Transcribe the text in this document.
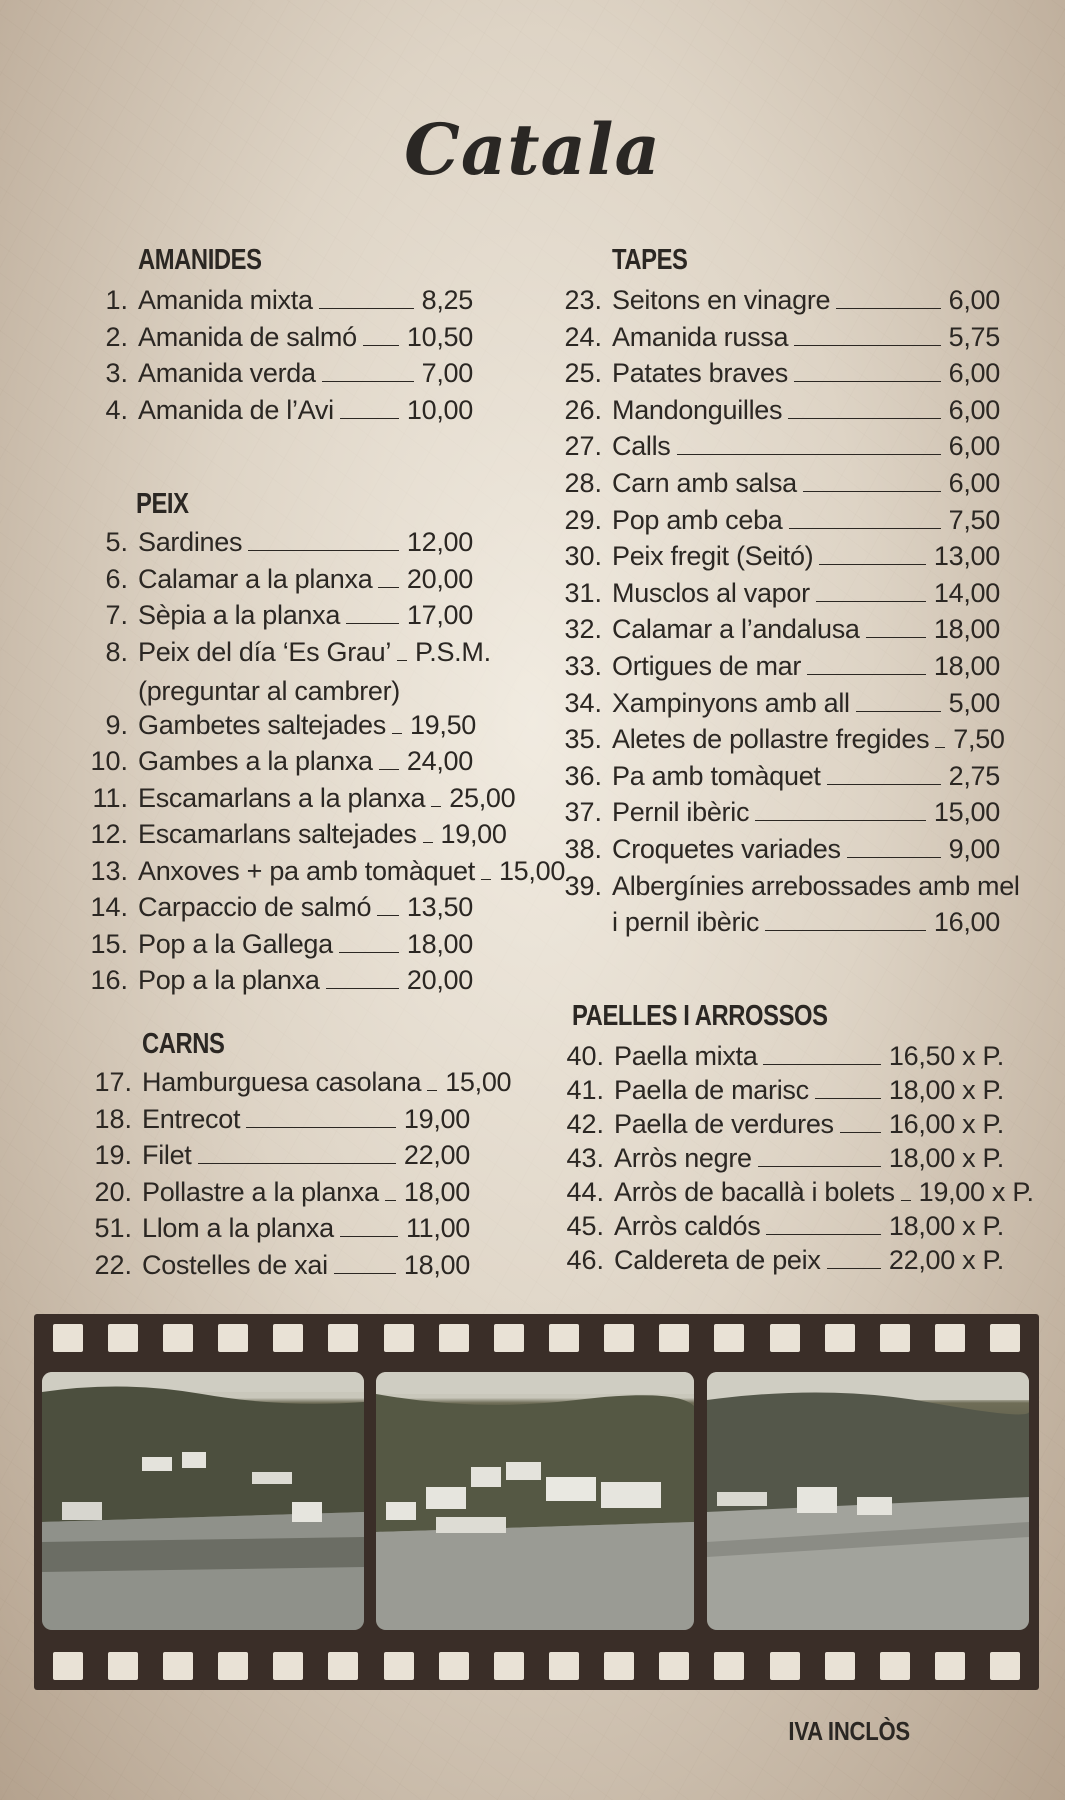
Catala
AMANIDES
1. Amanida mixta	8,25
2. Amanida de salmó 10,50
3. Amanida verda	7,00
4. Amanida de l’Avi	10,00
PEIX
5. Sardines	12,00
6. Calamar a la planxa 20,00
7. Sèpia a la planxa 17,00
8. Peix del día ‘Es Grau’ P.S.M.
9. Gambetes saltejades 19,50
10. Gambes a la planxa 24,00
11. Escamarlans a la planxa 25,00
12. Escamarlans saltejades 19,00
13. Anxoves + pa amb tomàquet 15,00
14. Carpaccio de salmó 13,50
15. Pop a la Gallega	18,00
16. Pop a la planxa	20,00
(preguntar al cambrer)
CARNS
17. Hamburguesa casolana 15,00
18. Entrecot	19,00
19. Filet	22,00
20. Pollastre a la planxa 18,00
51. Llom a la planxa	11,00
22. Costelles de xai	18,00
TAPES
23. Seitons en vinagre	6,00
24. Amanida russa	5,75
25. Patates braves	6,00
26. Mandonguilles	6,00
27. Calls	6,00
28. Carn amb salsa	6,00
29. Pop amb ceba	7,50
30. Peix fregit (Seitó)	13,00
31. Musclos al vapor	14,00
32. Calamar a l’andalusa	18,00
33. Ortigues de mar	18,00
34. Xampinyons amb all	5,00
35. Aletes de pollastre fregides 7,50
36. Pa amb tomàquet	2,75
37. Pernil ibèric	15,00
38. Croquetes variades	9,00
39. Albergínies arrebossades amb mel
i pernil ibèric	16,00
PAELLES I ARROSSOS
40. Paella mixta	16,50 x P.
41. Paella de marisc	18,00 x P.
42. Paella de verdures 16,00 x P.
43. Arròs negre	18,00 x P.
44. Arròs de bacallà i bolets 19,00 x P.
45. Arròs caldós	18,00 x P.
46. Caldereta de peix	22,00 x P.
IVA INCLÒS
